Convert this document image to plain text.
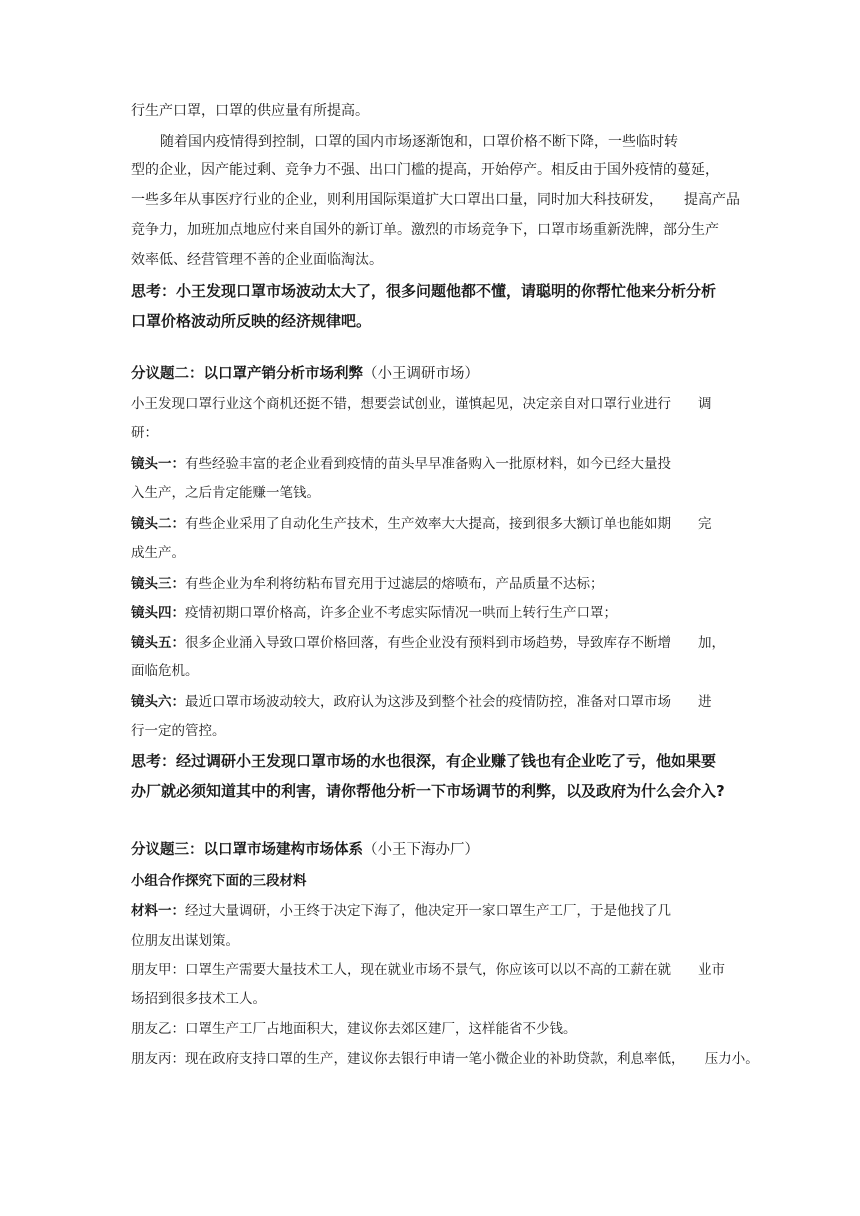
行生产口罩，口罩的供应量有所提高。
随着国内疫情得到控制，口罩的国内市场逐渐饱和，口罩价格不断下降，一些临时转
型的企业，因产能过剩、竞争力不强、出口门槛的提高，开始停产。相反由于国外疫情的蔓延，
一些多年从事医疗行业的企业，则利用国际渠道扩大口罩出口量，同时加大科技研发，　　提高产品
竞争力，加班加点地应付来自国外的新订单。激烈的市场竞争下，口罩市场重新洗牌，部分生产
效率低、经营管理不善的企业面临淘汰。
思考：小王发现口罩市场波动太大了，很多问题他都不懂，请聪明的你帮忙他来分析分析
口罩价格波动所反映的经济规律吧。
分议题二：以口罩产销分析市场利弊（小王调研市场）
小王发现口罩行业这个商机还挺不错，想要尝试创业，谨慎起见，决定亲自对口罩行业进行　　调
研：
镜头一：有些经验丰富的老企业看到疫情的苗头早早准备购入一批原材料，如今已经大量投
入生产，之后肯定能赚一笔钱。
镜头二：有些企业采用了自动化生产技术，生产效率大大提高，接到很多大额订单也能如期　　完
成生产。
镜头三：有些企业为牟利将纺粘布冒充用于过滤层的熔喷布，产品质量不达标；
镜头四：疫情初期口罩价格高，许多企业不考虑实际情况一哄而上转行生产口罩；
镜头五：很多企业涌入导致口罩价格回落，有些企业没有预料到市场趋势，导致库存不断增　　加，
面临危机。
镜头六：最近口罩市场波动较大，政府认为这涉及到整个社会的疫情防控，准备对口罩市场　　进
行一定的管控。
思考：经过调研小王发现口罩市场的水也很深，有企业赚了钱也有企业吃了亏，他如果要
办厂就必须知道其中的利害，请你帮他分析一下市场调节的利弊，以及政府为什么会介入?
分议题三：以口罩市场建构市场体系（小王下海办厂）
小组合作探究下面的三段材料
材料一：经过大量调研，小王终于决定下海了，他决定开一家口罩生产工厂，于是他找了几
位朋友出谋划策。
朋友甲：口罩生产需要大量技术工人，现在就业市场不景气，你应该可以以不高的工薪在就　　业市
场招到很多技术工人。
朋友乙：口罩生产工厂占地面积大，建议你去郊区建厂，这样能省不少钱。
朋友丙：现在政府支持口罩的生产，建议你去银行申请一笔小微企业的补助贷款，利息率低，　　压力小。
